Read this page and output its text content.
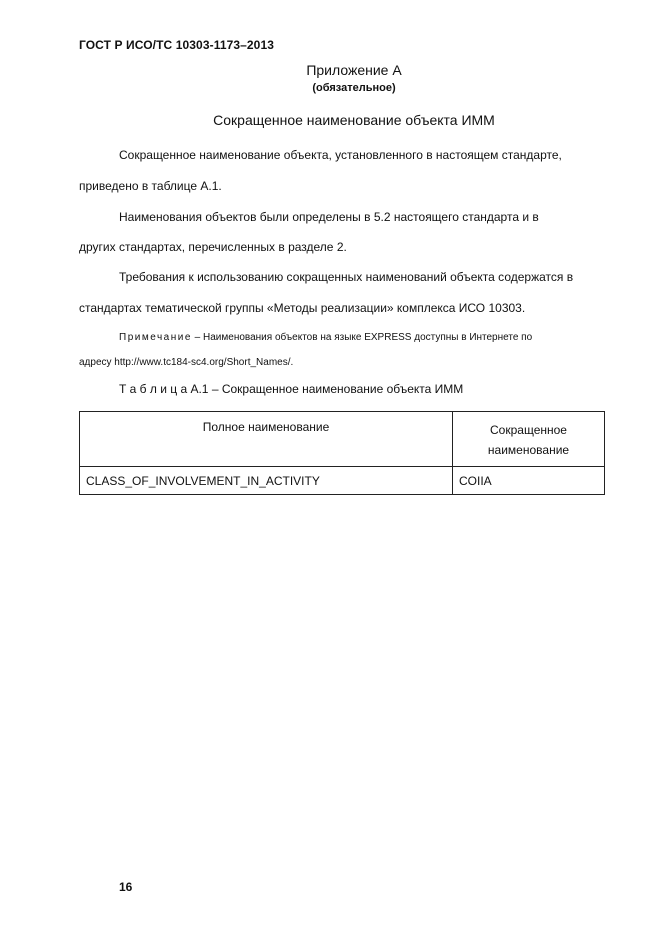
ГОСТ Р ИСО/ТС 10303-1173–2013
Приложение А
(обязательное)
Сокращенное наименование объекта ИММ
Сокращенное наименование объекта, установленного в настоящем стандарте,
приведено в таблице А.1.
Наименования объектов были определены в 5.2 настоящего стандарта и в
других стандартах, перечисленных в разделе 2.
Требования к использованию сокращенных наименований объекта содержатся в
стандартах тематической группы «Методы реализации» комплекса ИСО 10303.
Примечание – Наименования объектов на языке EXPRESS доступны в Интернете по
адресу http://www.tc184-sc4.org/Short_Names/.
Т а б л и ц а А.1 – Сокращенное наименование объекта ИММ
Полное наименование	Сокращенное
наименование

CLASS_OF_INVOLVEMENT_IN_ACTIVITY	COIIA
16
